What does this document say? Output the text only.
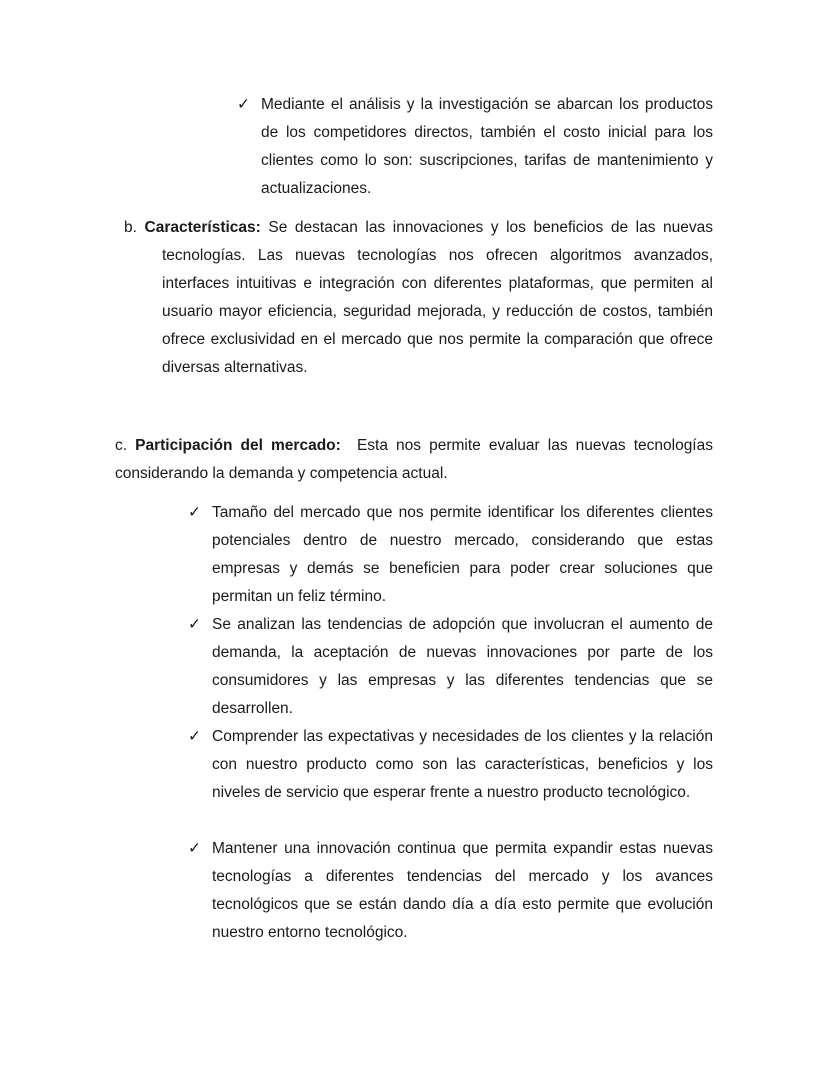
✓ Mediante el análisis y la investigación se abarcan los productos de los competidores directos, también el costo inicial para los clientes como lo son: suscripciones, tarifas de mantenimiento y actualizaciones.
b. Características: Se destacan las innovaciones y los beneficios de las nuevas tecnologías. Las nuevas tecnologías nos ofrecen algoritmos avanzados, interfaces intuitivas e integración con diferentes plataformas, que permiten al usuario mayor eficiencia, seguridad mejorada, y reducción de costos, también ofrece exclusividad en el mercado que nos permite la comparación que ofrece diversas alternativas.
c. Participación del mercado: Esta nos permite evaluar las nuevas tecnologías considerando la demanda y competencia actual.
✓ Tamaño del mercado que nos permite identificar los diferentes clientes potenciales dentro de nuestro mercado, considerando que estas empresas y demás se beneficien para poder crear soluciones que permitan un feliz término.
✓ Se analizan las tendencias de adopción que involucran el aumento de demanda, la aceptación de nuevas innovaciones por parte de los consumidores y las empresas y las diferentes tendencias que se desarrollen.
✓ Comprender las expectativas y necesidades de los clientes y la relación con nuestro producto como son las características, beneficios y los niveles de servicio que esperar frente a nuestro producto tecnológico.
✓ Mantener una innovación continua que permita expandir estas nuevas tecnologías a diferentes tendencias del mercado y los avances tecnológicos que se están dando día a día esto permite que evolución nuestro entorno tecnológico.
